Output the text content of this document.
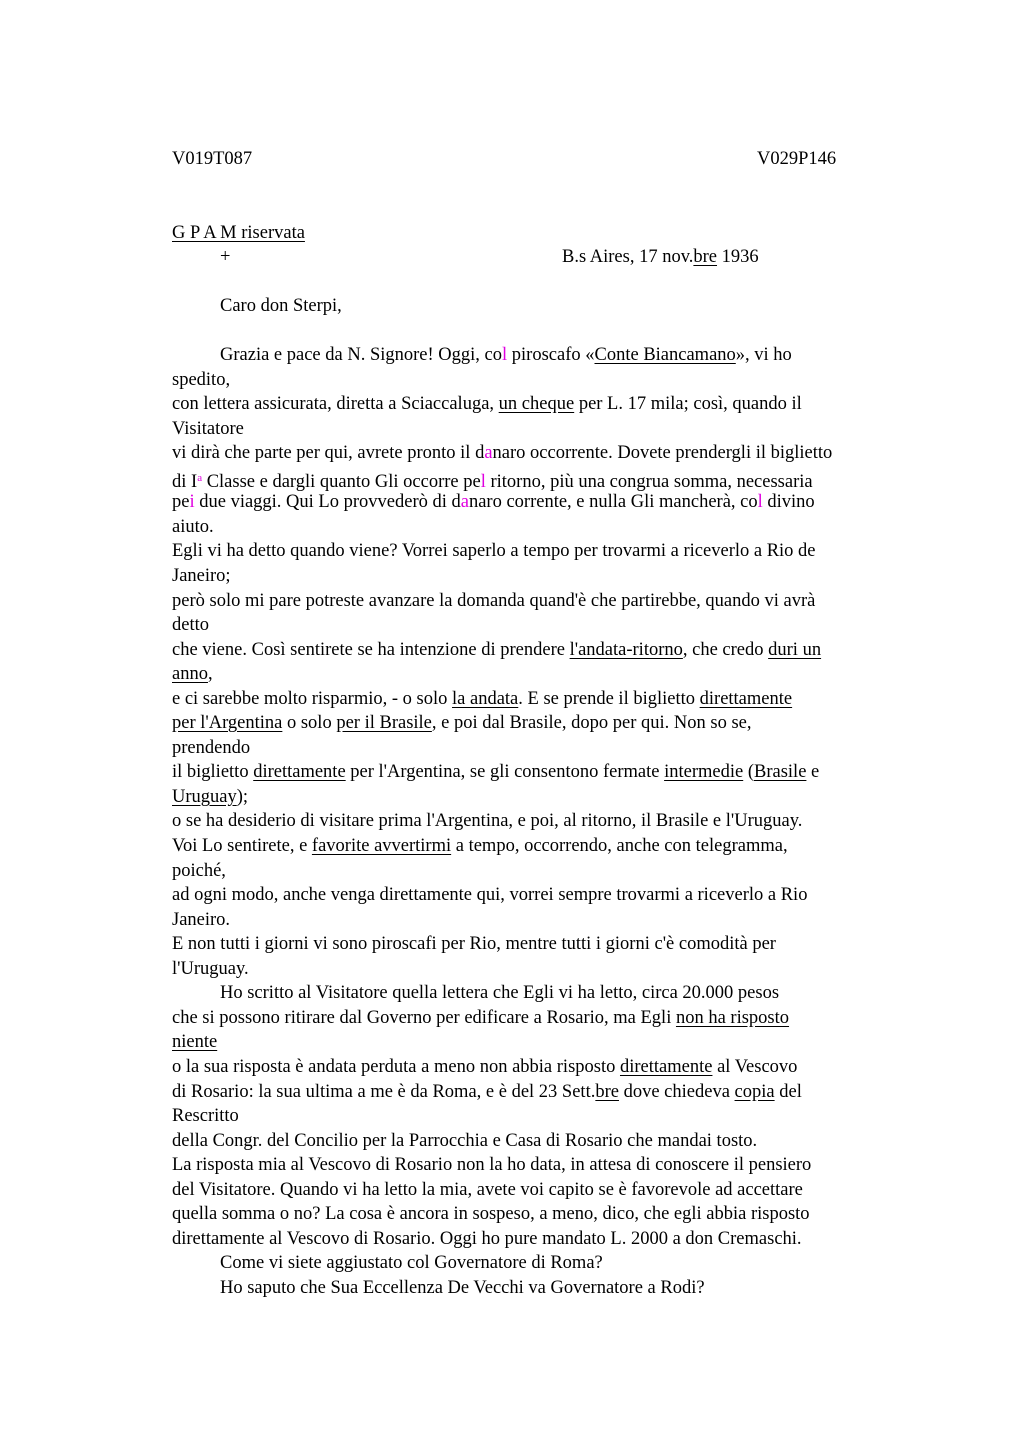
V019T087	V029P146
G P A M riservata
+	B.s Aires, 17 nov.bre 1936
Caro don Sterpi,
Grazia e pace da N. Signore! Oggi, col piroscafo «Conte Biancamano», vi ho
spedito,
con lettera assicurata, diretta a Sciaccaluga, un cheque per L. 17 mila; così, quando il
Visitatore
vi dirà che parte per qui, avrete pronto il danaro occorrente. Dovete prendergli il biglietto
di $I^a$ Classe e dargli quanto Gli occorre pel ritorno, più una congrua somma, necessaria
pei due viaggi. Qui Lo provvederò di danaro corrente, e nulla Gli mancherà, col divino
aiuto.
Egli vi ha detto quando viene? Vorrei saperlo a tempo per trovarmi a riceverlo a Rio de
Janeiro;
però solo mi pare potreste avanzare la domanda quand'è che partirebbe, quando vi avrà
detto
che viene. Così sentirete se ha intenzione di prendere l'andata-ritorno, che credo duri un
anno,
e ci sarebbe molto risparmio, - o solo la andata. E se prende il biglietto direttamente
per l'Argentina o solo per il Brasile, e poi dal Brasile, dopo per qui. Non so se,
prendendo
il biglietto direttamente per l'Argentina, se gli consentono fermate intermedie (Brasile e
Uruguay);
o se ha desiderio di visitare prima l'Argentina, e poi, al ritorno, il Brasile e l'Uruguay.
Voi Lo sentirete, e favorite avvertirmi a tempo, occorrendo, anche con telegramma,
poiché,
ad ogni modo, anche venga direttamente qui, vorrei sempre trovarmi a riceverlo a Rio
Janeiro.
E non tutti i giorni vi sono piroscafi per Rio, mentre tutti i giorni c'è comodità per
l'Uruguay.
Ho scritto al Visitatore quella lettera che Egli vi ha letto, circa 20.000 pesos
che si possono ritirare dal Governo per edificare a Rosario, ma Egli non ha risposto
niente
o la sua risposta è andata perduta a meno non abbia risposto direttamente al Vescovo
di Rosario: la sua ultima a me è da Roma, e è del 23 Sett.bre dove chiedeva copia del
Rescritto
della Congr. del Concilio per la Parrocchia e Casa di Rosario che mandai tosto.
La risposta mia al Vescovo di Rosario non la ho data, in attesa di conoscere il pensiero
del Visitatore. Quando vi ha letto la mia, avete voi capito se è favorevole ad accettare
quella somma o no? La cosa è ancora in sospeso, a meno, dico, che egli abbia risposto
direttamente al Vescovo di Rosario. Oggi ho pure mandato L. 2000 a don Cremaschi.
Come vi siete aggiustato col Governatore di Roma?
Ho saputo che Sua Eccellenza De Vecchi va Governatore a Rodi?
